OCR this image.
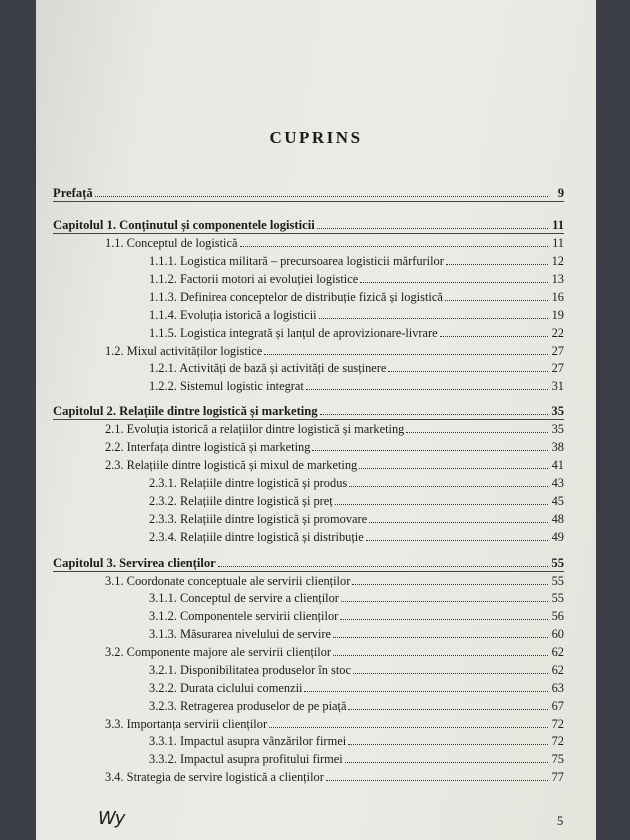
CUPRINS
Prefață	9
Capitolul 1. Conținutul și componentele logisticii	11
1.1. Conceptul de logistică	11
1.1.1. Logistica militară – precursoarea logisticii mărfurilor	12
1.1.2. Factorii motori ai evoluției logistice	13
1.1.3. Definirea conceptelor de distribuție fizică și logistică	16
1.1.4. Evoluția istorică a logisticii	19
1.1.5. Logistica integrată și lanțul de aprovizionare-livrare	22
1.2. Mixul activităților logistice	27
1.2.1. Activități de bază și activități de susținere	27
1.2.2. Sistemul logistic integrat	31
Capitolul 2. Relațiile dintre logistică și marketing	35
2.1. Evoluția istorică a relațiilor dintre logistică și marketing	35
2.2. Interfața dintre logistică și marketing	38
2.3. Relațiile dintre logistică și mixul de marketing	41
2.3.1. Relațiile dintre logistică și produs	43
2.3.2. Relațiile dintre logistică și preț	45
2.3.3. Relațiile dintre logistică și promovare	48
2.3.4. Relațiile dintre logistică și distribuție	49
Capitolul 3. Servirea clienților	55
3.1. Coordonate conceptuale ale servirii clienților	55
3.1.1. Conceptul de servire a clienților	55
3.1.2. Componentele servirii clienților	56
3.1.3. Măsurarea nivelului de servire	60
3.2. Componente majore ale servirii clienților	62
3.2.1. Disponibilitatea produselor în stoc	62
3.2.2. Durata ciclului comenzii	63
3.2.3. Retragerea produselor de pe piață	67
3.3. Importanța servirii clienților	72
3.3.1. Impactul asupra vânzărilor firmei	72
3.3.2. Impactul asupra profitului firmei	75
3.4. Strategia de servire logistică a clienților	77
Wy	5
